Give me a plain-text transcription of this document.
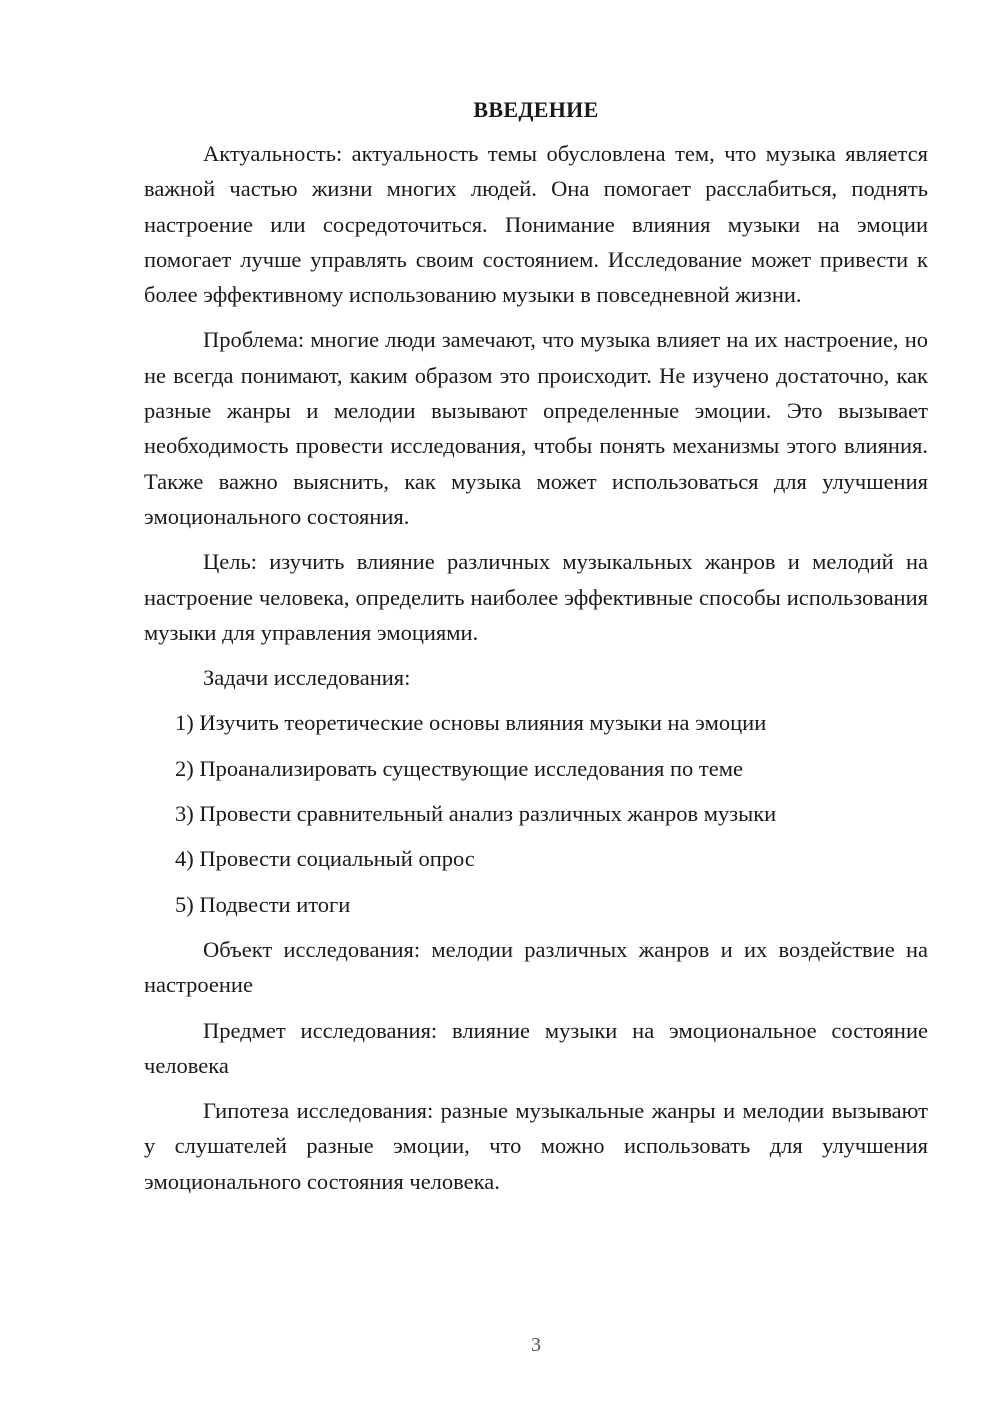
ВВЕДЕНИЕ

Актуальность: актуальность темы обусловлена тем, что музыка является важной частью жизни многих людей. Она помогает расслабиться, поднять настроение или сосредоточиться. Понимание влияния музыки на эмоции помогает лучше управлять своим состоянием. Исследование может привести к более эффективному использованию музыки в повседневной жизни.

Проблема: многие люди замечают, что музыка влияет на их настроение, но не всегда понимают, каким образом это происходит. Не изучено достаточно, как разные жанры и мелодии вызывают определенные эмоции. Это вызывает необходимость провести исследования, чтобы понять механизмы этого влияния. Также важно выяснить, как музыка может использоваться для улучшения эмоционального состояния.

Цель: изучить влияние различных музыкальных жанров и мелодий на настроение человека, определить наиболее эффективные способы использования музыки для управления эмоциями.

Задачи исследования:

1) Изучить теоретические основы влияния музыки на эмоции
2) Проанализировать существующие исследования по теме
3) Провести сравнительный анализ различных жанров музыки
4) Провести социальный опрос
5) Подвести итоги

Объект исследования: мелодии различных жанров и их воздействие на настроение

Предмет исследования: влияние музыки на эмоциональное состояние человека

Гипотеза исследования: разные музыкальные жанры и мелодии вызывают у слушателей разные эмоции, что можно использовать для улучшения эмоционального состояния человека.

3
